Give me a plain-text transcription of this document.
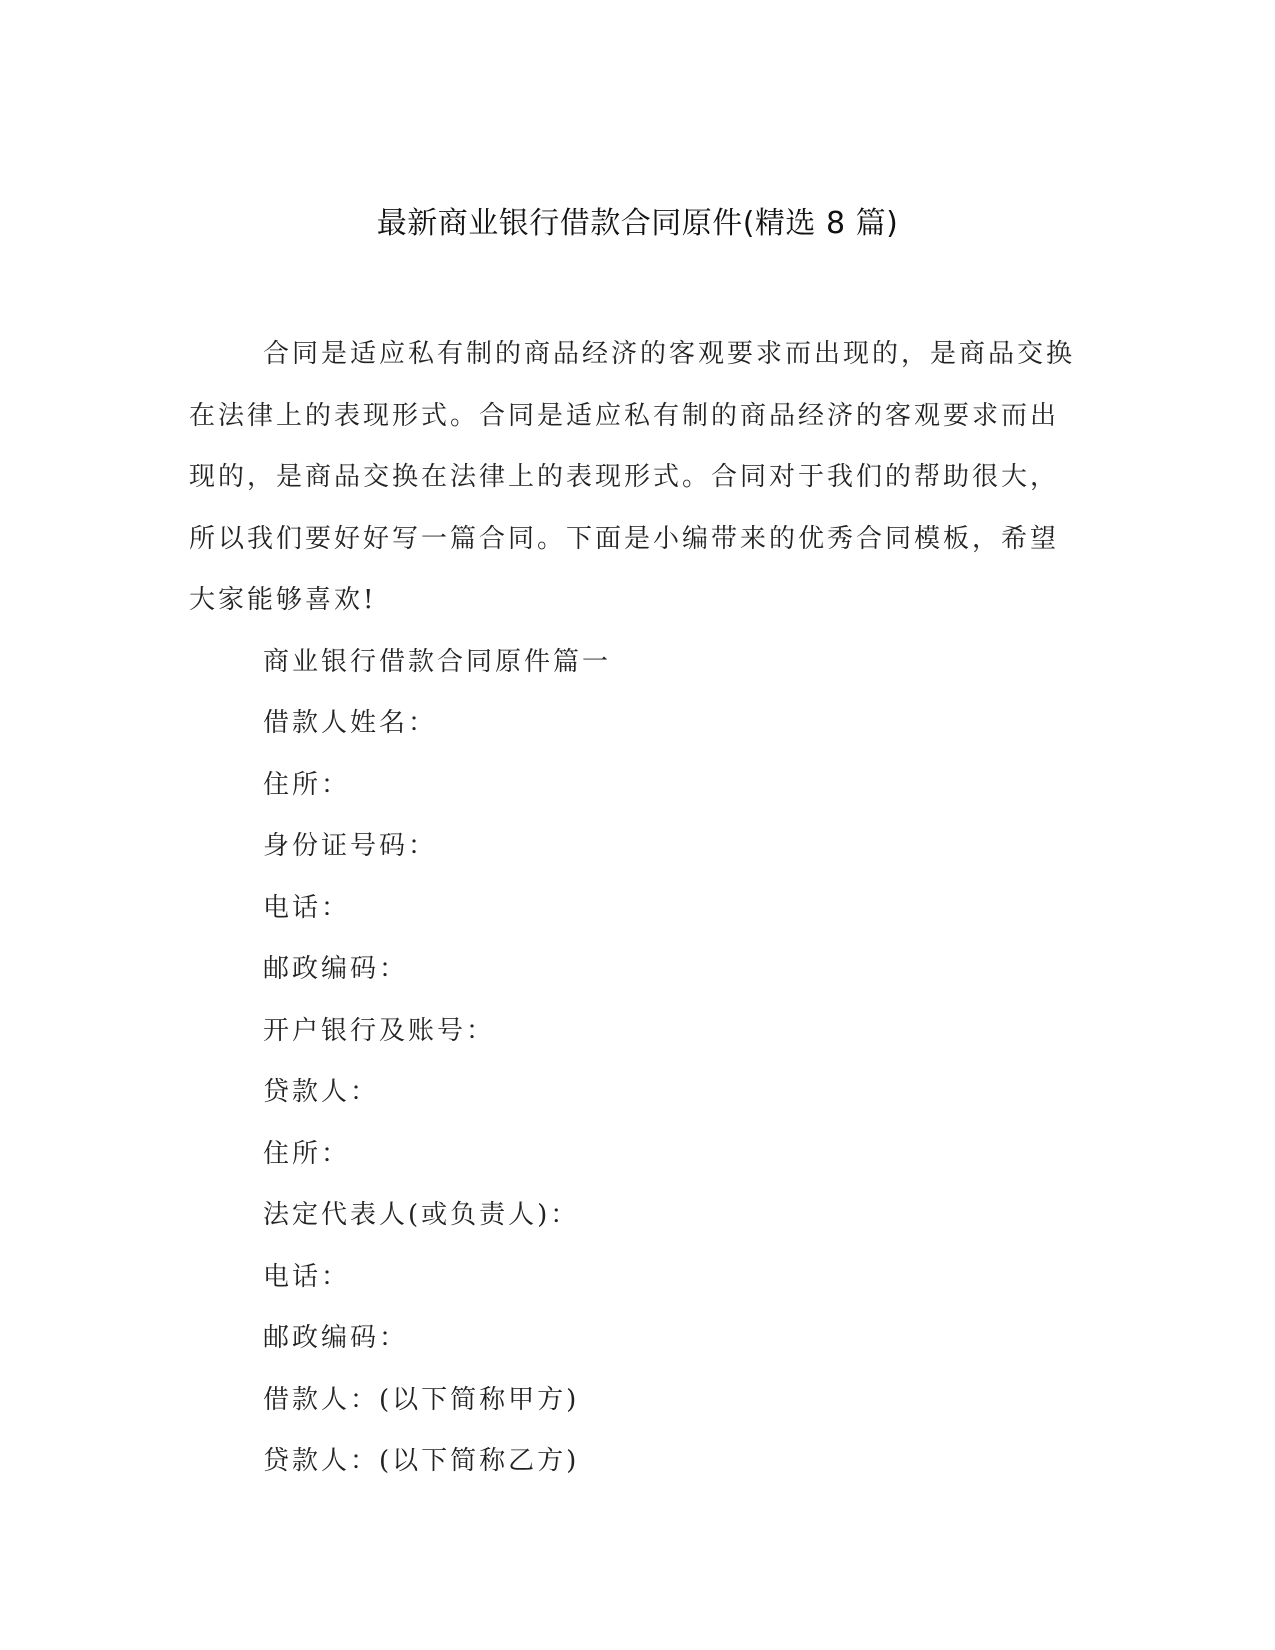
最新商业银行借款合同原件(精选 8 篇)

合同是适应私有制的商品经济的客观要求而出现的，是商品交换在法律上的表现形式。合同是适应私有制的商品经济的客观要求而出现的，是商品交换在法律上的表现形式。合同对于我们的帮助很大，所以我们要好好写一篇合同。下面是小编带来的优秀合同模板，希望大家能够喜欢!

商业银行借款合同原件篇一
借款人姓名：
住所：
身份证号码：
电话：
邮政编码：
开户银行及账号：
贷款人：
住所：
法定代表人(或负责人)：
电话：
邮政编码：
借款人：(以下简称甲方)
贷款人：(以下简称乙方)
